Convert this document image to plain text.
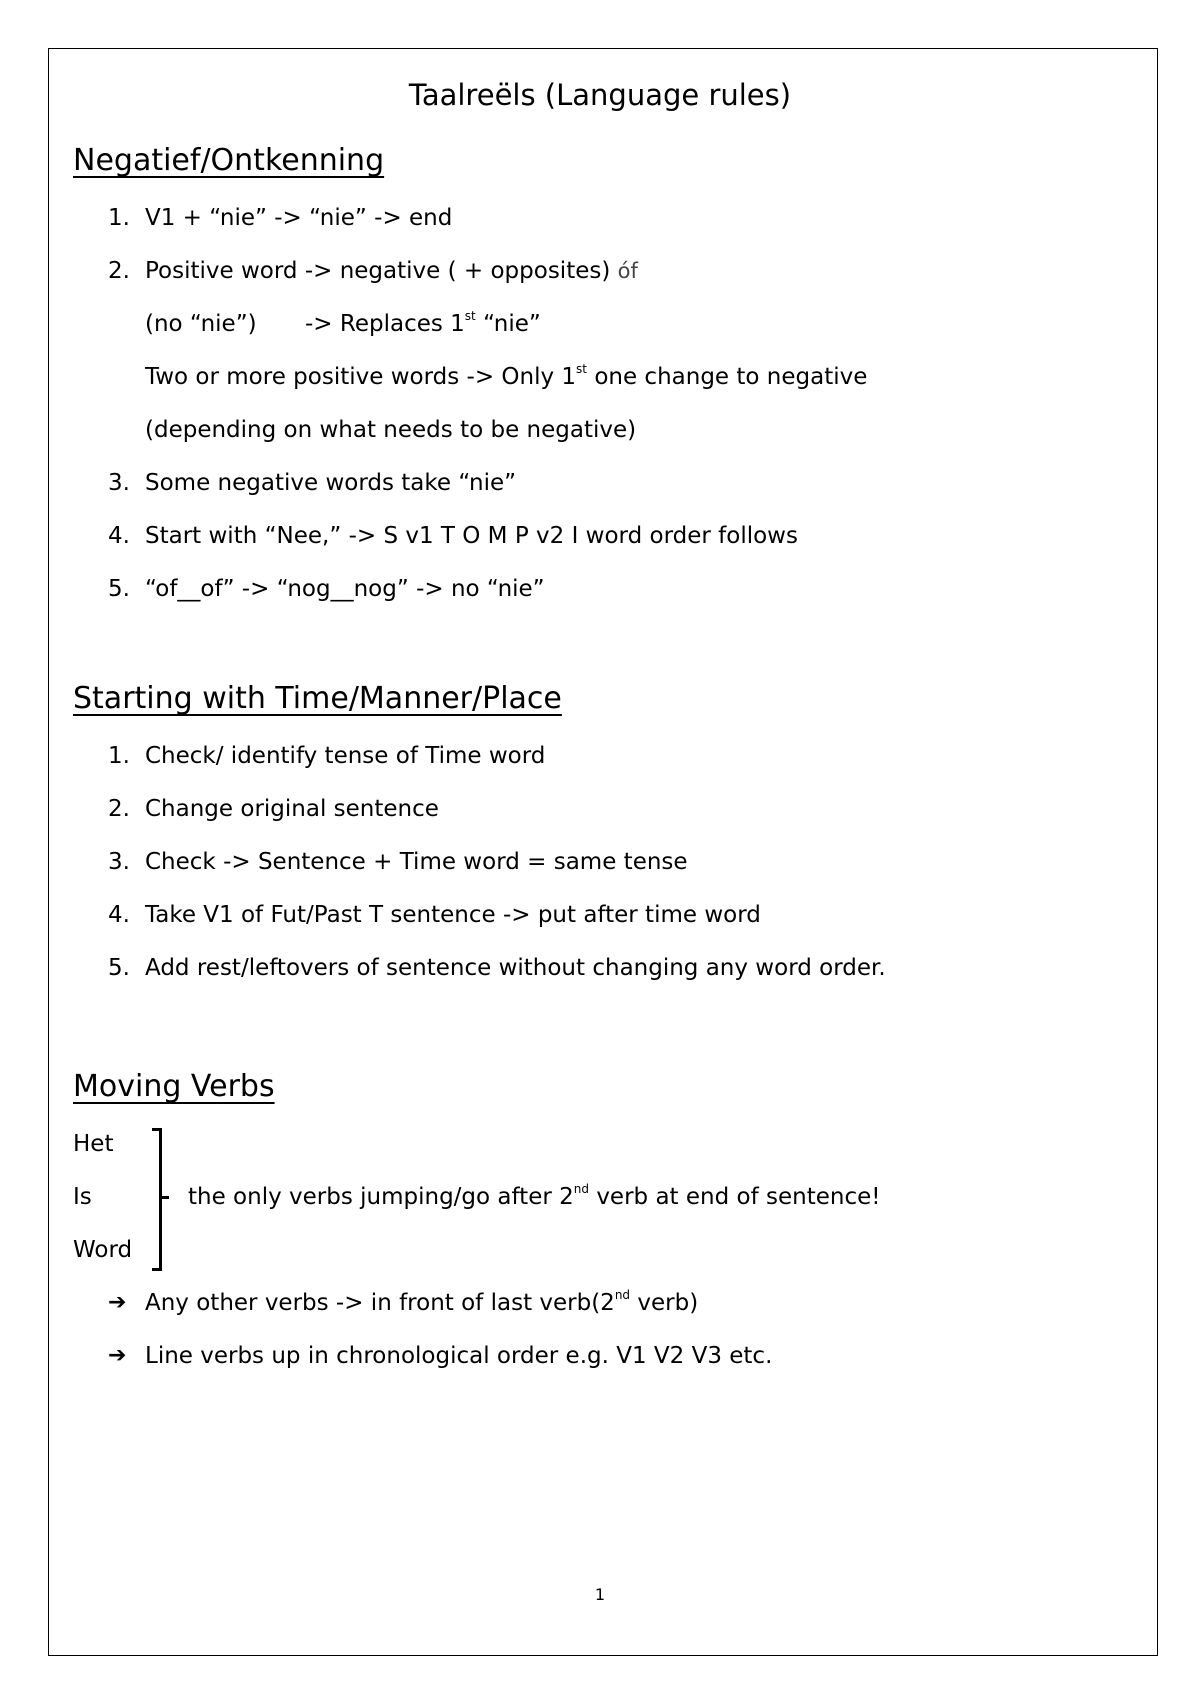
Taalreëls (Language rules)
Negatief/Ontkenning
1. V1 + “nie” -> “nie” -> end
2. Positive word -> negative ( + opposites) óf
(no “nie”) -> Replaces 1st “nie”
Two or more positive words -> Only 1st one change to negative
(depending on what needs to be negative)
3. Some negative words take “nie”
4. Start with “Nee,” -> S v1 T O M P v2 I word order follows
5. “of__of” -> “nog__nog” -> no “nie”
Starting with Time/Manner/Place
1. Check/ identify tense of Time word
2. Change original sentence
3. Check -> Sentence + Time word = same tense
4. Take V1 of Fut/Past T sentence -> put after time word
5. Add rest/leftovers of sentence without changing any word order.
Moving Verbs
Het
Is
Word
the only verbs jumping/go after 2nd verb at end of sentence!
➔ Any other verbs -> in front of last verb(2nd verb)
➔ Line verbs up in chronological order e.g. V1 V2 V3 etc.
1
